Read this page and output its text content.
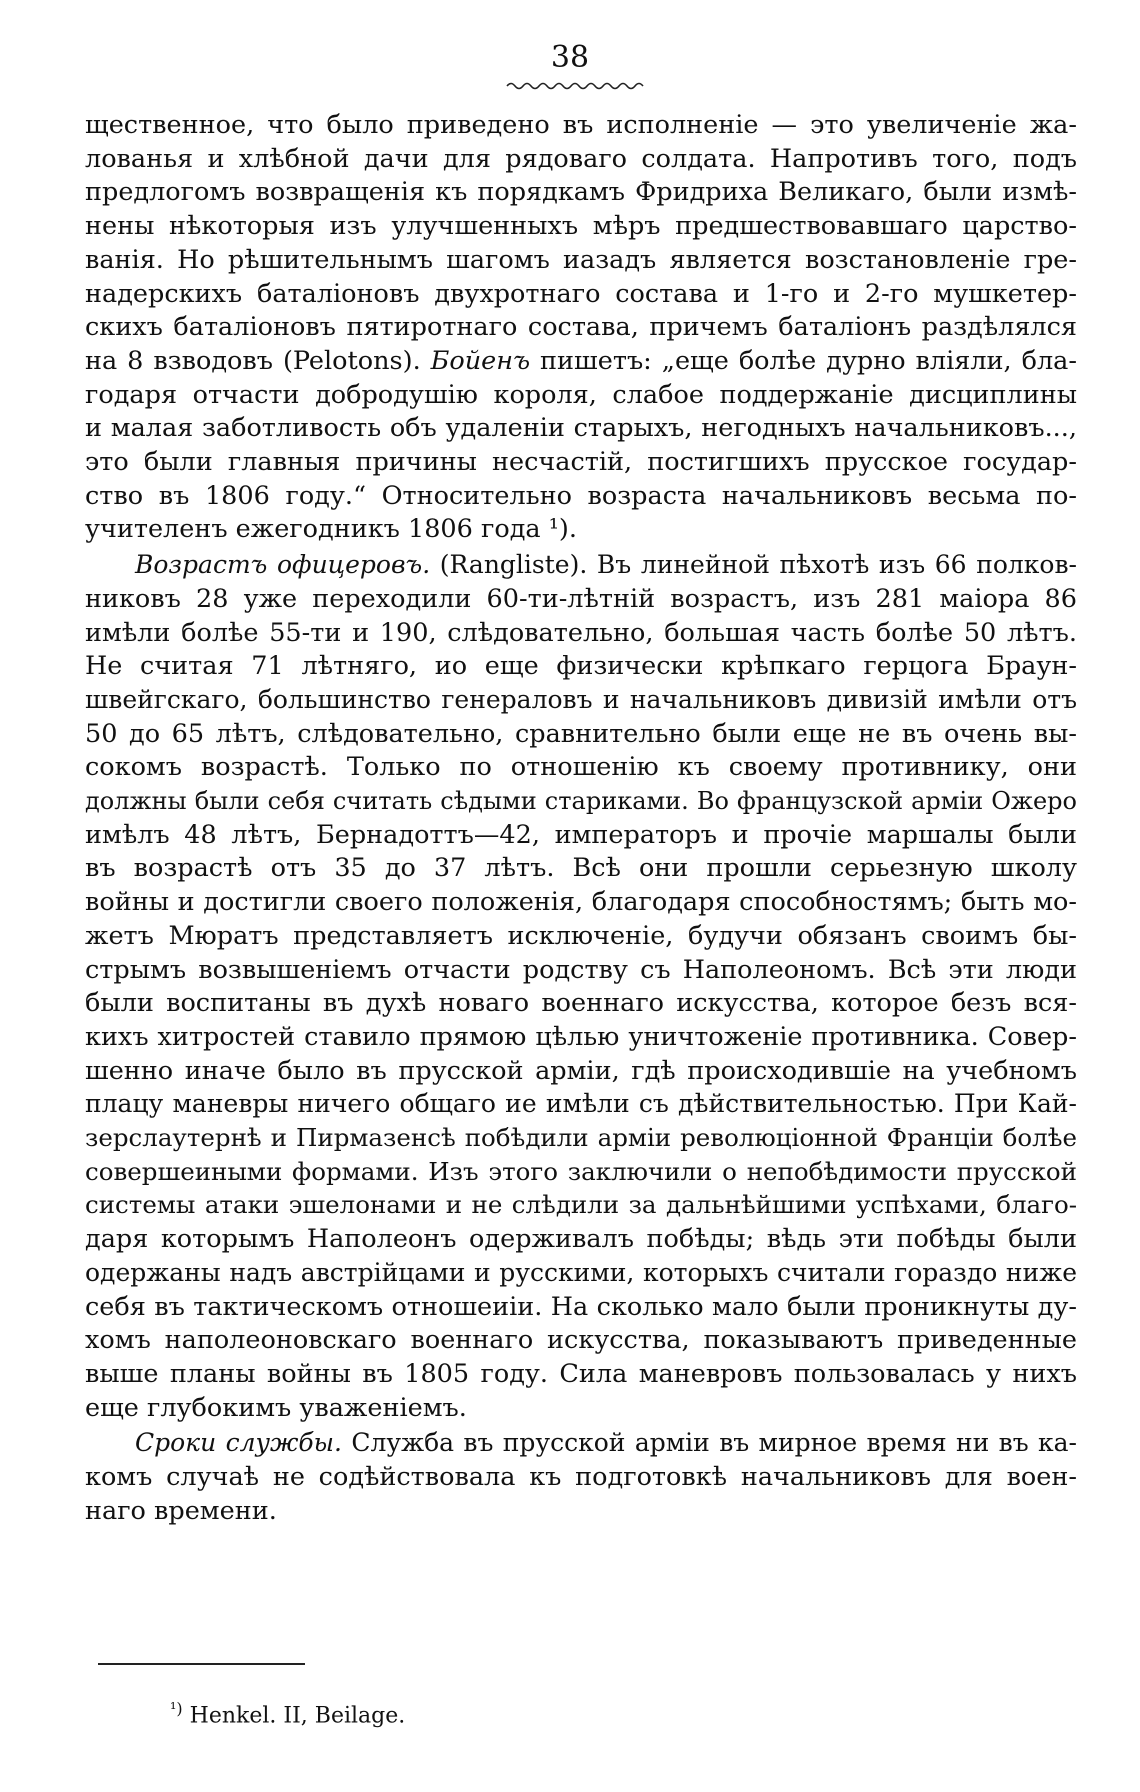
38
щественное, что было приведено въ исполненіе — это увеличеніе жа-
лованья и хлѣбной дачи для рядоваго солдата. Напротивъ того, подъ
предлогомъ возвращенія къ порядкамъ Фридриха Великаго, были измѣ-
нены нѣкоторыя изъ улучшенныхъ мѣръ предшествовавшаго царство-
ванія. Но рѣшительнымъ шагомъ иазадъ является возстановленіе гре-
надерскихъ баталіоновъ двухротнаго состава и 1-го и 2-го мушкетер-
скихъ баталіоновъ пятиротнаго состава, причемъ баталіонъ раздѣлялся
на 8 взводовъ (Pelotons). Бойенъ пишетъ: „еще болѣе дурно вліяли, бла-
годаря отчасти добродушію короля, слабое поддержаніе дисциплины
и малая заботливость объ удаленіи старыхъ, негодныхъ начальниковъ...,
это были главныя причины несчастій, постигшихъ прусское государ-
ство въ 1806 году.“ Относительно возраста начальниковъ весьма по-
учителенъ ежегодникъ 1806 года ¹).
Возрастъ офицеровъ. (Rangliste). Въ линейной пѣхотѣ изъ 66 полков-
никовъ 28 уже переходили 60-ти-лѣтній возрастъ, изъ 281 маіора 86
имѣли болѣе 55-ти и 190, слѣдовательно, большая часть болѣе 50 лѣтъ.
Не считая 71 лѣтняго, ио еще физически крѣпкаго герцога Браун-
швейгскаго, большинство генераловъ и начальниковъ дивизій имѣли отъ
50 до 65 лѣтъ, слѣдовательно, сравнительно были еще не въ очень вы-
сокомъ возрастѣ. Только по отношенію къ своему противнику, они
должны были себя считать сѣдыми стариками. Во французской арміи Ожеро
имѣлъ 48 лѣтъ, Бернадоттъ—42, императоръ и прочіе маршалы были
въ возрастѣ отъ 35 до 37 лѣтъ. Всѣ они прошли серьезную школу
войны и достигли своего положенія, благодаря способностямъ; быть мо-
жетъ Мюратъ представляетъ исключеніе, будучи обязанъ своимъ бы-
стрымъ возвышеніемъ отчасти родству съ Наполеономъ. Всѣ эти люди
были воспитаны въ духѣ новаго военнаго искусства, которое безъ вся-
кихъ хитростей ставило прямою цѣлью уничтоженіе противника. Совер-
шенно иначе было въ прусской арміи, гдѣ происходившіе на учебномъ
плацу маневры ничего общаго ие имѣли съ дѣйствительностью. При Кай-
зерслаутернѣ и Пирмазенсѣ побѣдили арміи революціонной Франціи болѣе
совершеиными формами. Изъ этого заключили о непобѣдимости прусской
системы атаки эшелонами и не слѣдили за дальнѣйшими успѣхами, благо-
даря которымъ Наполеонъ одерживалъ побѣды; вѣдь эти побѣды были
одержаны надъ австрійцами и русскими, которыхъ считали гораздо ниже
себя въ тактическомъ отношеиіи. На сколько мало были проникнуты ду-
хомъ наполеоновскаго военнаго искусства, показываютъ приведенные
выше планы войны въ 1805 году. Сила маневровъ пользовалась у нихъ
еще глубокимъ уваженіемъ.
Сроки службы. Служба въ прусской арміи въ мирное время ни въ ка-
комъ случаѣ не содѣйствовала къ подготовкѣ начальниковъ для воен-
наго времени.
$^{^1)}$ Henkel. II, Beilage.
